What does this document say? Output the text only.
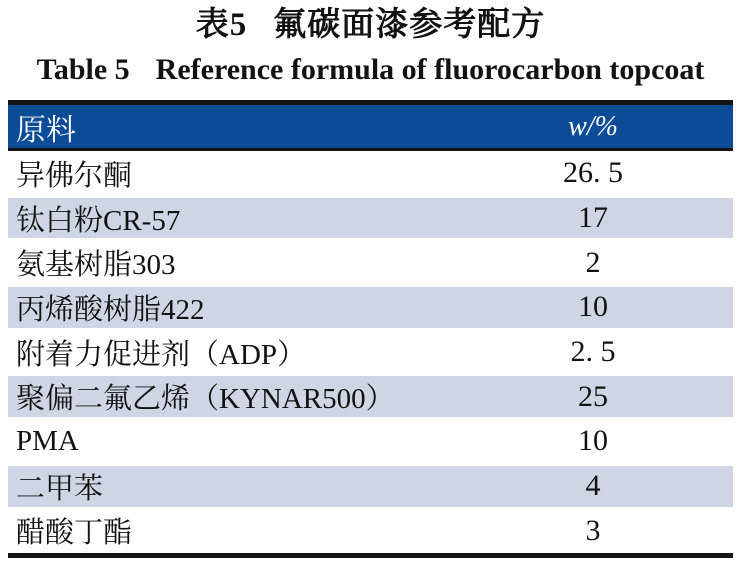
表5 氟碳面漆参考配方
Table 5 Reference formula of fluorocarbon topcoat
原料	w/%
异佛尔酮	26. 5
钛白粉CR-57	17
氨基树脂303	2
丙烯酸树脂422	10
附着力促进剂（ADP）	2. 5
聚偏二氟乙烯（KYNAR500）	25
PMA	10
二甲苯	4
醋酸丁酯	3
